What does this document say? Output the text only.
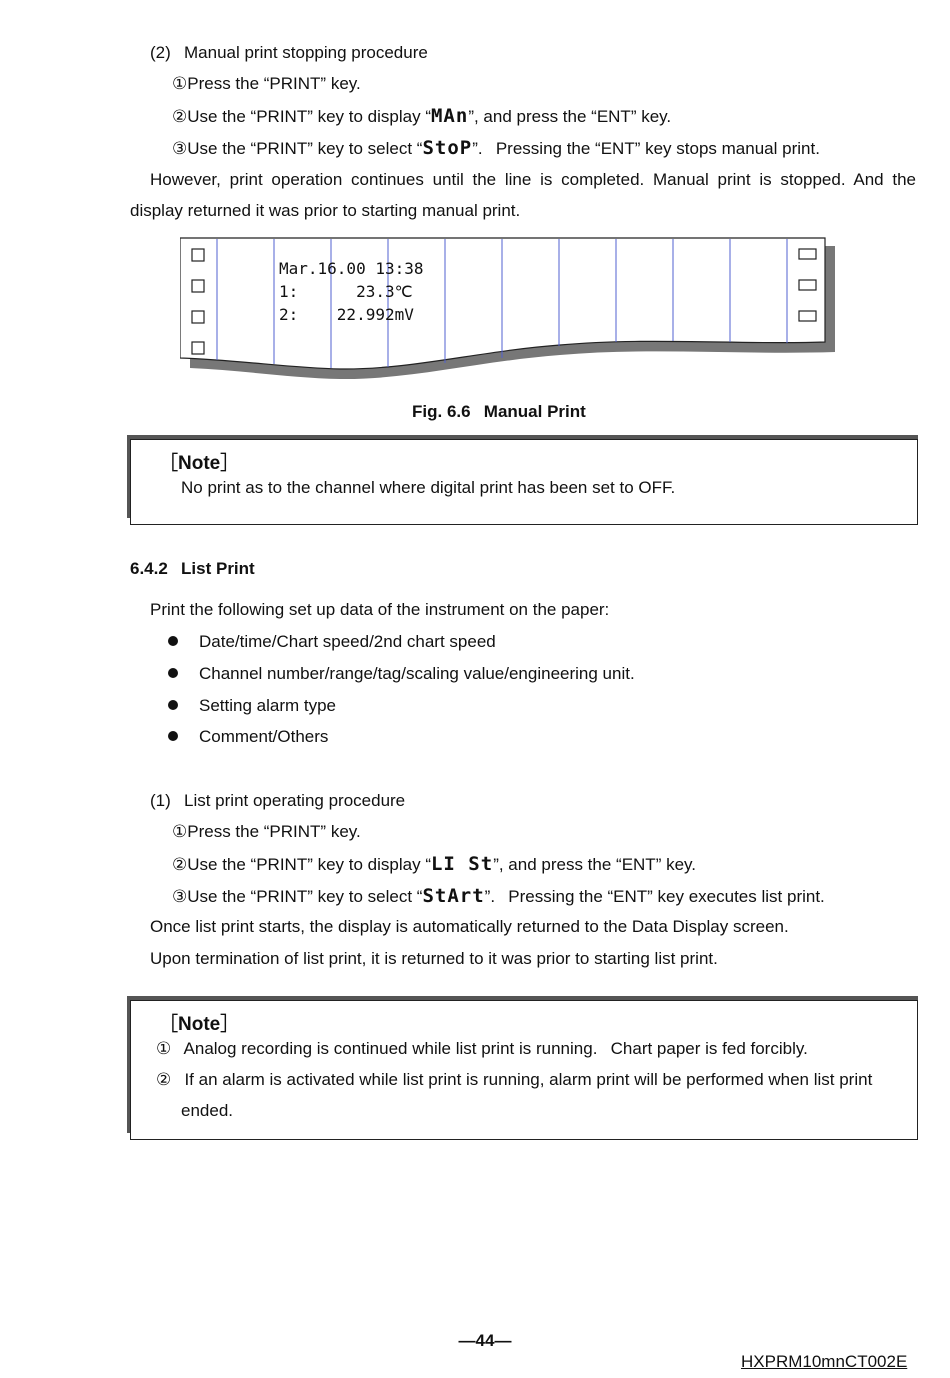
(2)  Manual print stopping procedure
①Press the “PRINT” key.
②Use the “PRINT” key to display “MAn”, and press the “ENT” key.
③Use the “PRINT” key to select “StoP”.  Pressing the “ENT” key stops manual print.
However, print operation continues until the line is completed. Manual print is stopped. And the
display returned it was prior to starting manual print.
Mar.16.00 13:38
1:      23.3℃
2:    22.992mV
Fig. 6.6  Manual Print
［Note］
No print as to the channel where digital print has been set to OFF.
6.4.2  List Print
Print the following set up data of the instrument on the paper:
Date/time/Chart speed/2nd chart speed
Channel number/range/tag/scaling value/engineering unit.
Setting alarm type
Comment/Others
(1)  List print operating procedure
①Press the “PRINT” key.
②Use the “PRINT” key to display “LI St”, and press the “ENT” key.
③Use the “PRINT” key to select “StArt”.  Pressing the “ENT” key executes list print.
Once list print starts, the display is automatically returned to the Data Display screen.
Upon termination of list print, it is returned to it was prior to starting list print.
［Note］
①  Analog recording is continued while list print is running.  Chart paper is fed forcibly.
②  If an alarm is activated while list print is running, alarm print will be performed when list print
ended.
—44—
HXPRM10mnCT002E
